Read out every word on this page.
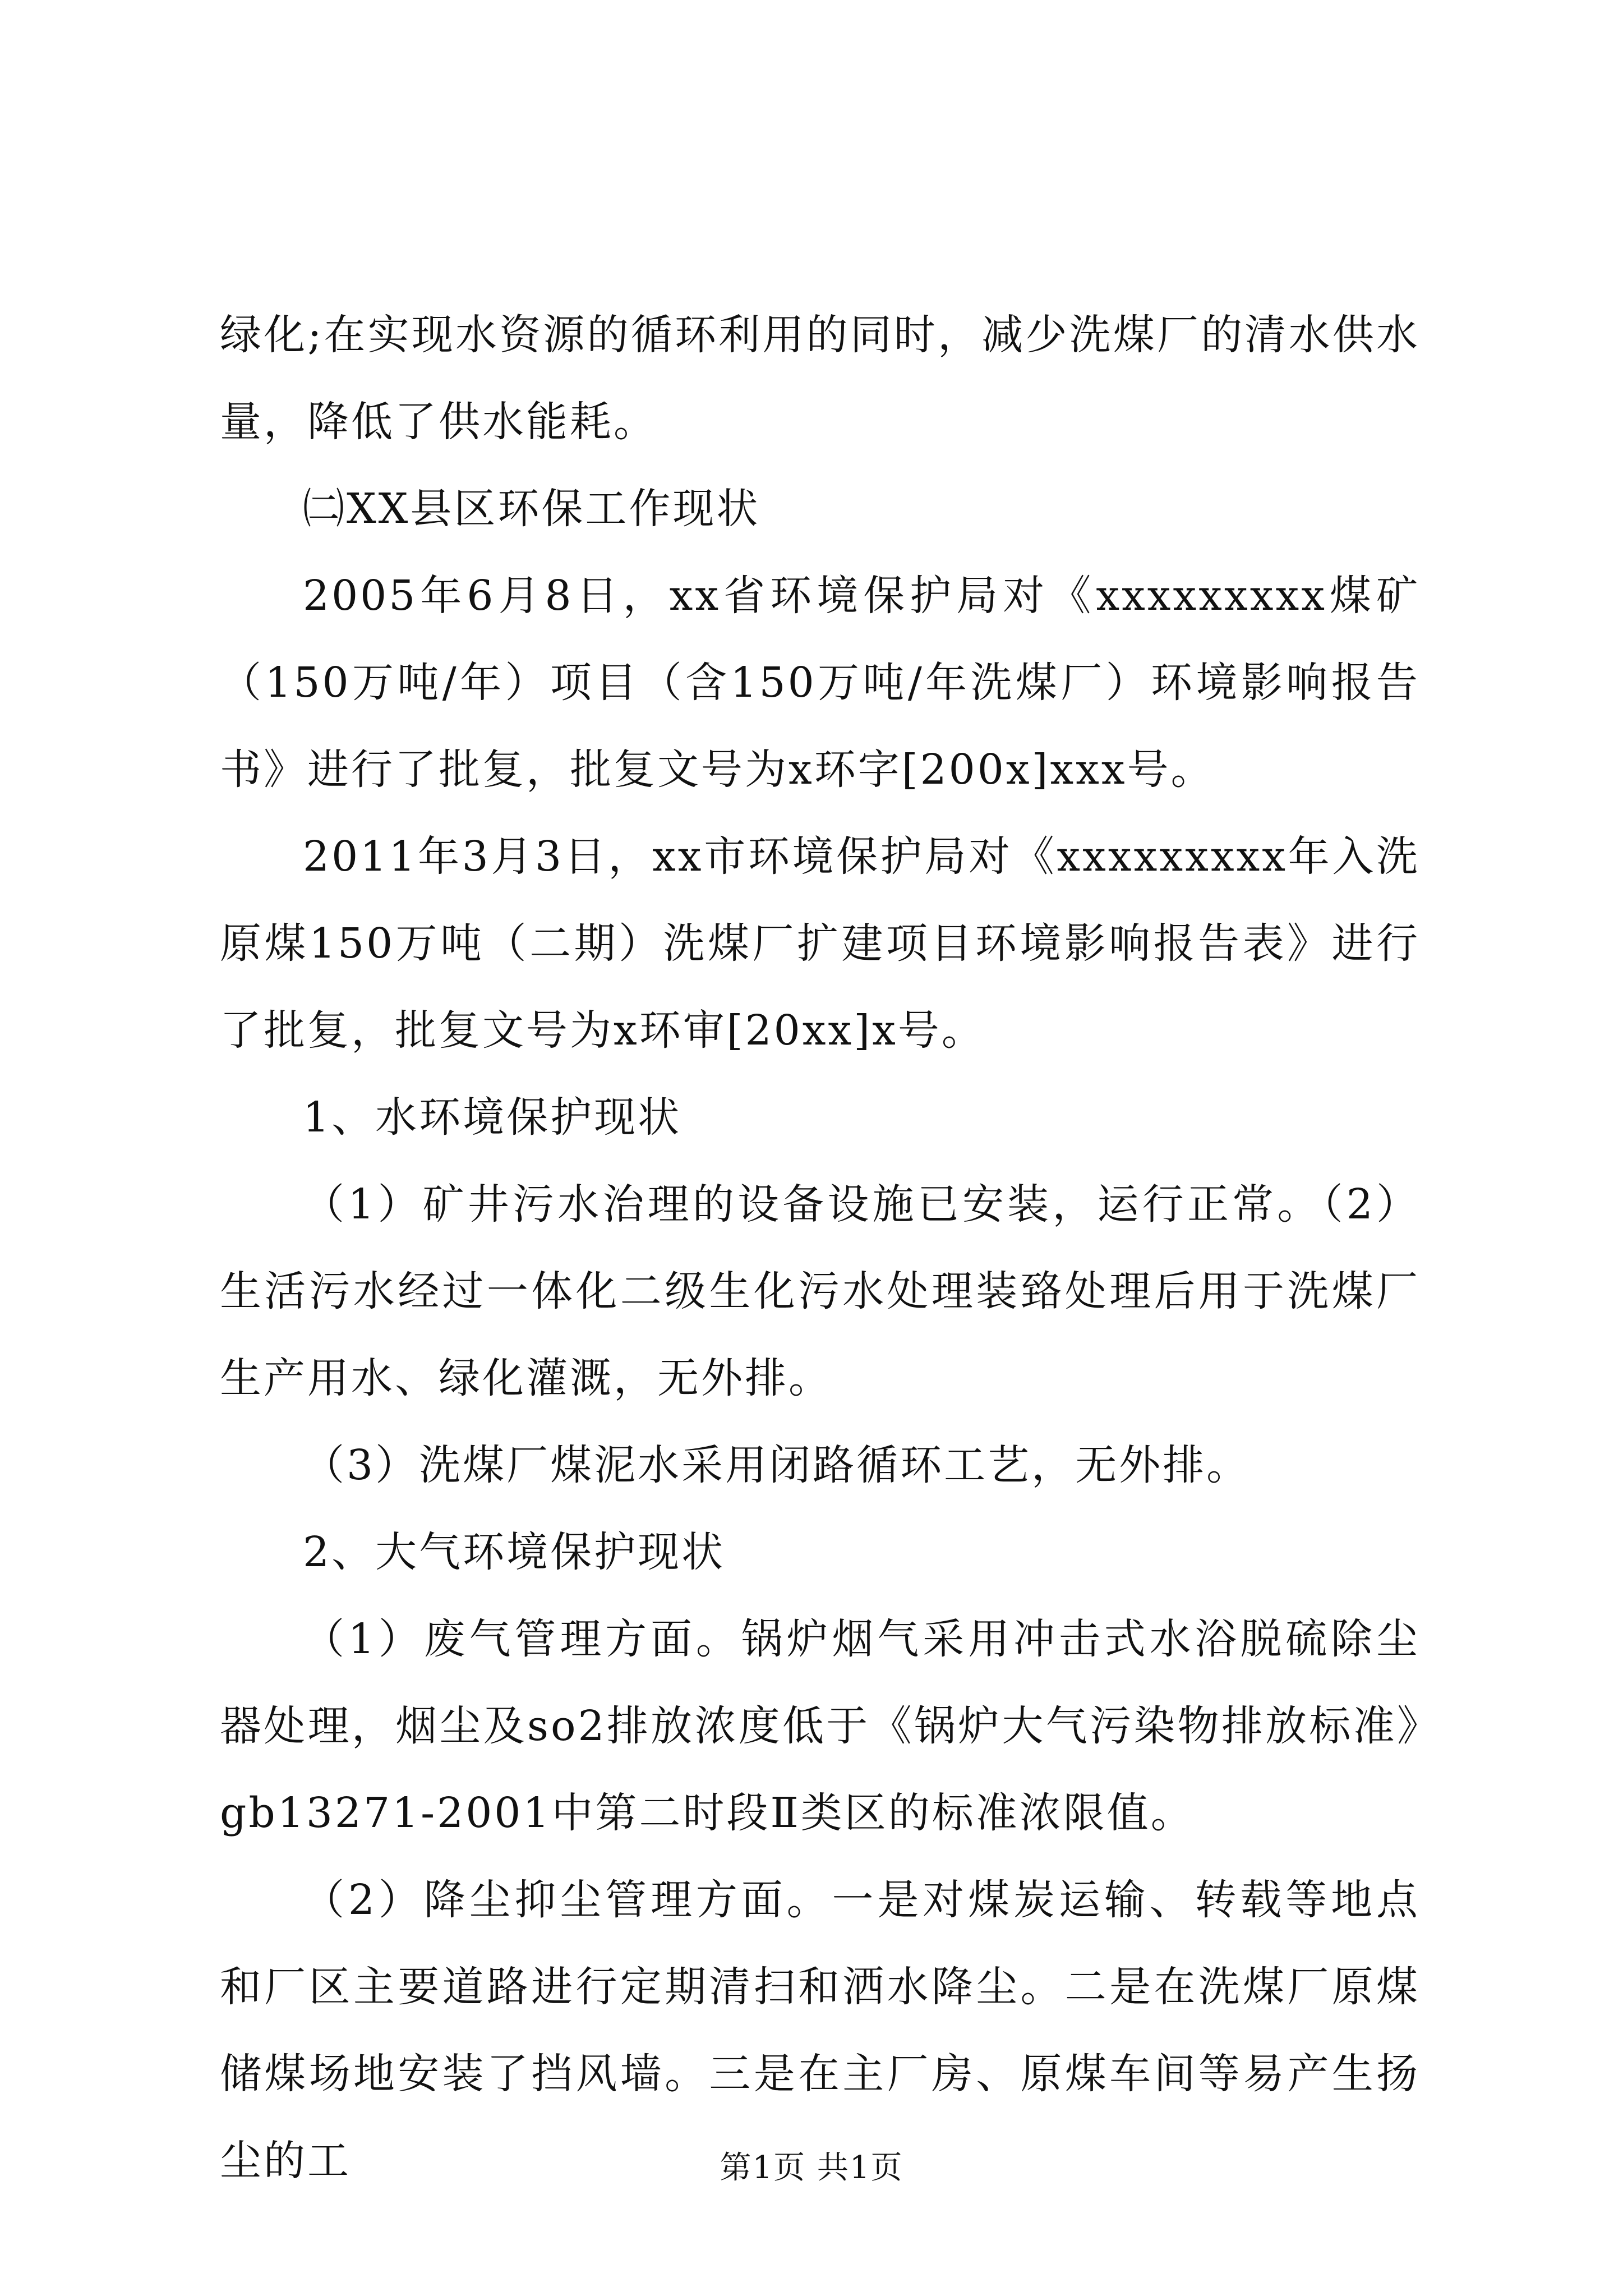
绿化;在实现水资源的循环利用的同时，减少洗煤厂的清水供水量，降低了供水能耗。

㈡XX县区环保工作现状

2005年6月8日，xx省环境保护局对《xxxxxxxxx煤矿（150万吨/年）项目（含150万吨/年洗煤厂）环境影响报告书》进行了批复，批复文号为x环字[200x]xxx号。

2011年3月3日，xx市环境保护局对《xxxxxxxxx年入洗原煤150万吨（二期）洗煤厂扩建项目环境影响报告表》进行了批复，批复文号为x环审[20xx]x号。

1、水环境保护现状

（1）矿井污水治理的设备设施已安装，运行正常。（2）生活污水经过一体化二级生化污水处理装臵处理后用于洗煤厂生产用水、绿化灌溉，无外排。

（3）洗煤厂煤泥水采用闭路循环工艺，无外排。

2、大气环境保护现状

（1）废气管理方面。锅炉烟气采用冲击式水浴脱硫除尘器处理，烟尘及so2排放浓度低于《锅炉大气污染物排放标准》gb13271-2001中第二时段Ⅱ类区的标准浓限值。

（2）降尘抑尘管理方面。一是对煤炭运输、转载等地点和厂区主要道路进行定期清扫和洒水降尘。二是在洗煤厂原煤储煤场地安装了挡风墙。三是在主厂房、原煤车间等易产生扬尘的工	第1页 共1页
